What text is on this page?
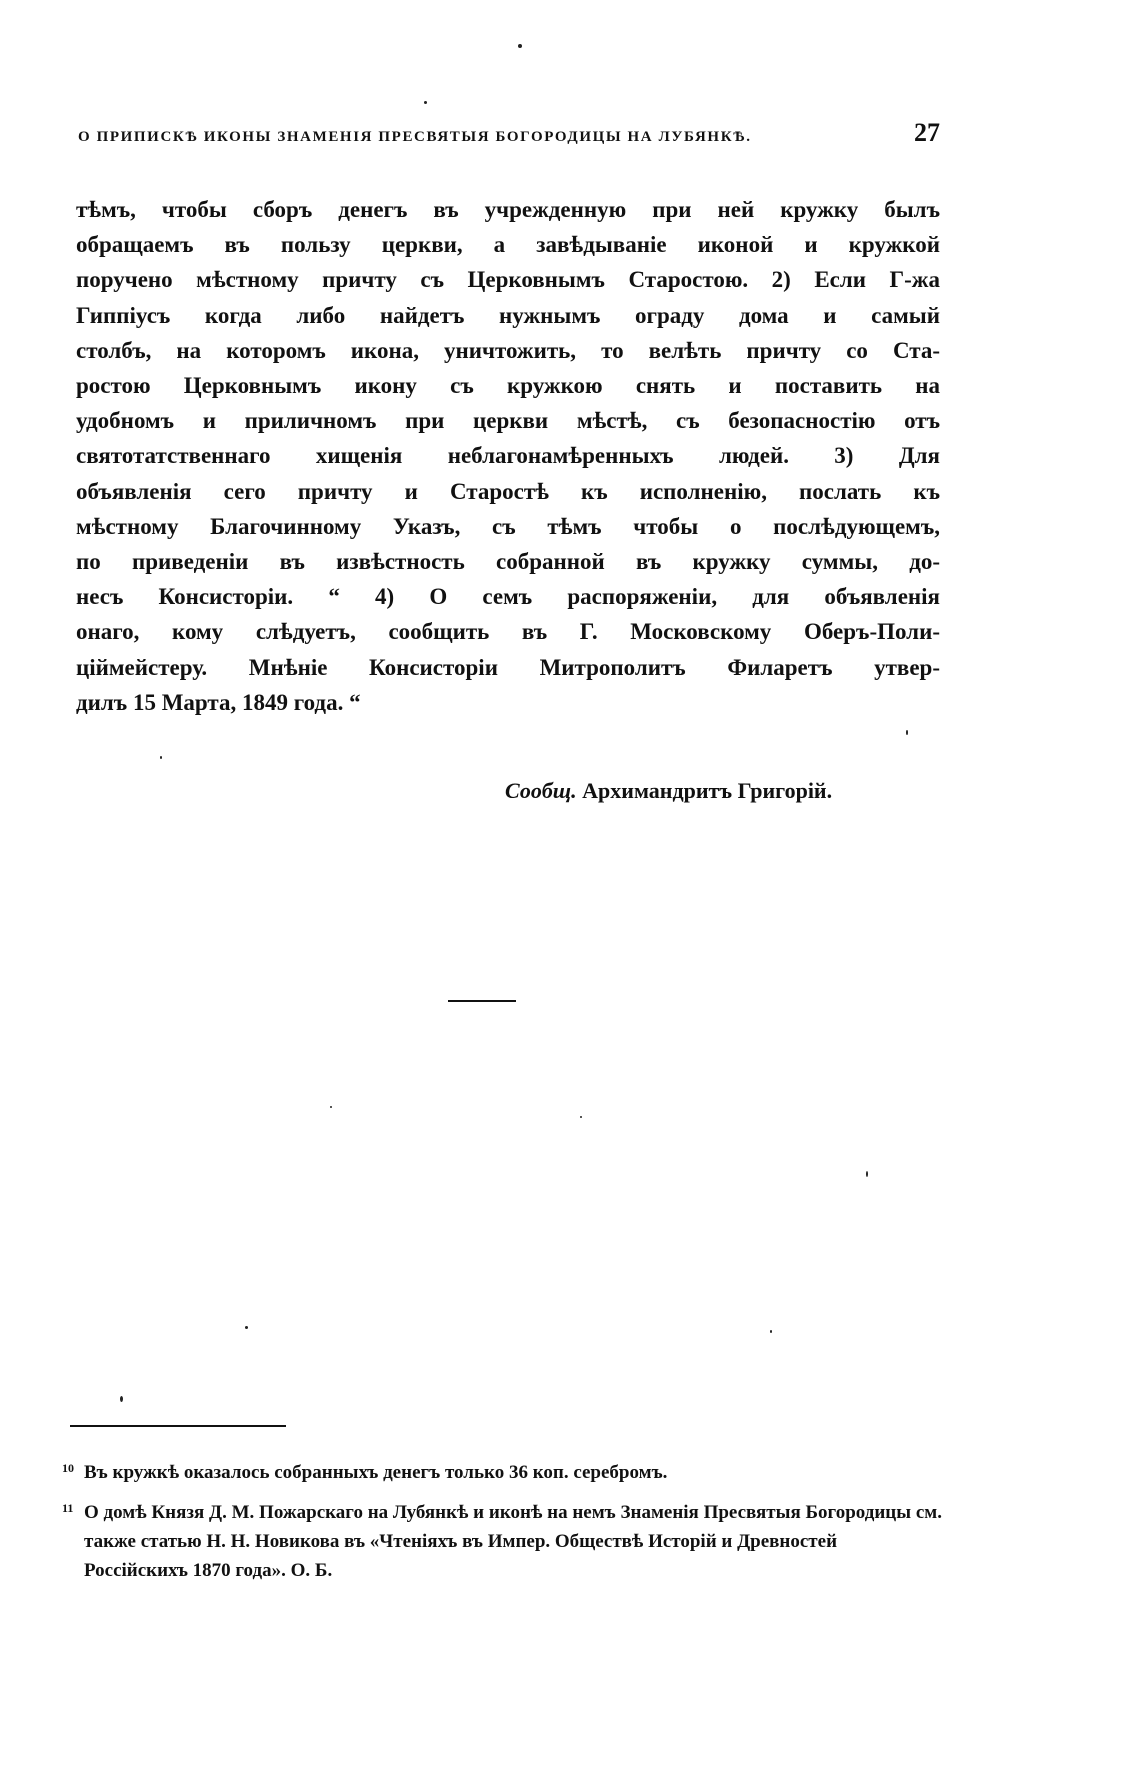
О ПРИПИСКѢ ИКОНЫ ЗНАМЕНІЯ ПРЕСВЯТЫЯ БОГОРОДИЦЫ НА ЛУБЯНКѢ.	27
тѣмъ, чтобы сборъ денегъ въ учрежденную при ней кружку былъ
обращаемъ въ пользу церкви, а завѣдываніе иконой и кружкой
поручено мѣстному причту съ Церковнымъ Старостою. 2) Если Г-жа
Гиппіусъ когда либо найдетъ нужнымъ ограду дома и самый
столбъ, на которомъ икона, уничтожить, то велѣть причту со Ста-
ростою Церковнымъ икону съ кружкою снять и поставить на
удобномъ и приличномъ при церкви мѣстѣ, съ безопасностію отъ
святотатственнаго хищенія неблагонамѣренныхъ людей. 3) Для
объявленія сего причту и Старостѣ къ исполненію, послать къ
мѣстному Благочинному Указъ, съ тѣмъ чтобы о послѣдующемъ,
по приведеніи въ извѣстность собранной въ кружку суммы, до-
несъ Консисторіи. “ 4) О семъ распоряженіи, для объявленія
онаго, кому слѣдуетъ, сообщить въ Г. Московскому Оберъ-Поли-
ціймейстеру. Мнѣніе Консисторіи Митрополитъ Филаретъ утвер-
дилъ 15 Марта, 1849 года. “
Сообщ. Архимандритъ Григорій.
10 Въ кружкѣ оказалось собранныхъ денегъ только 36 коп. серебромъ.
11 О домѣ Князя Д. М. Пожарскаго на Лубянкѣ и иконѣ на немъ Знаменія Пресвятыя Богородицы см. также статью Н. Н. Новикова въ «Чтеніяхъ въ Импер. Обществѣ Исторій и Древностей Россійскихъ 1870 года». О. Б.
